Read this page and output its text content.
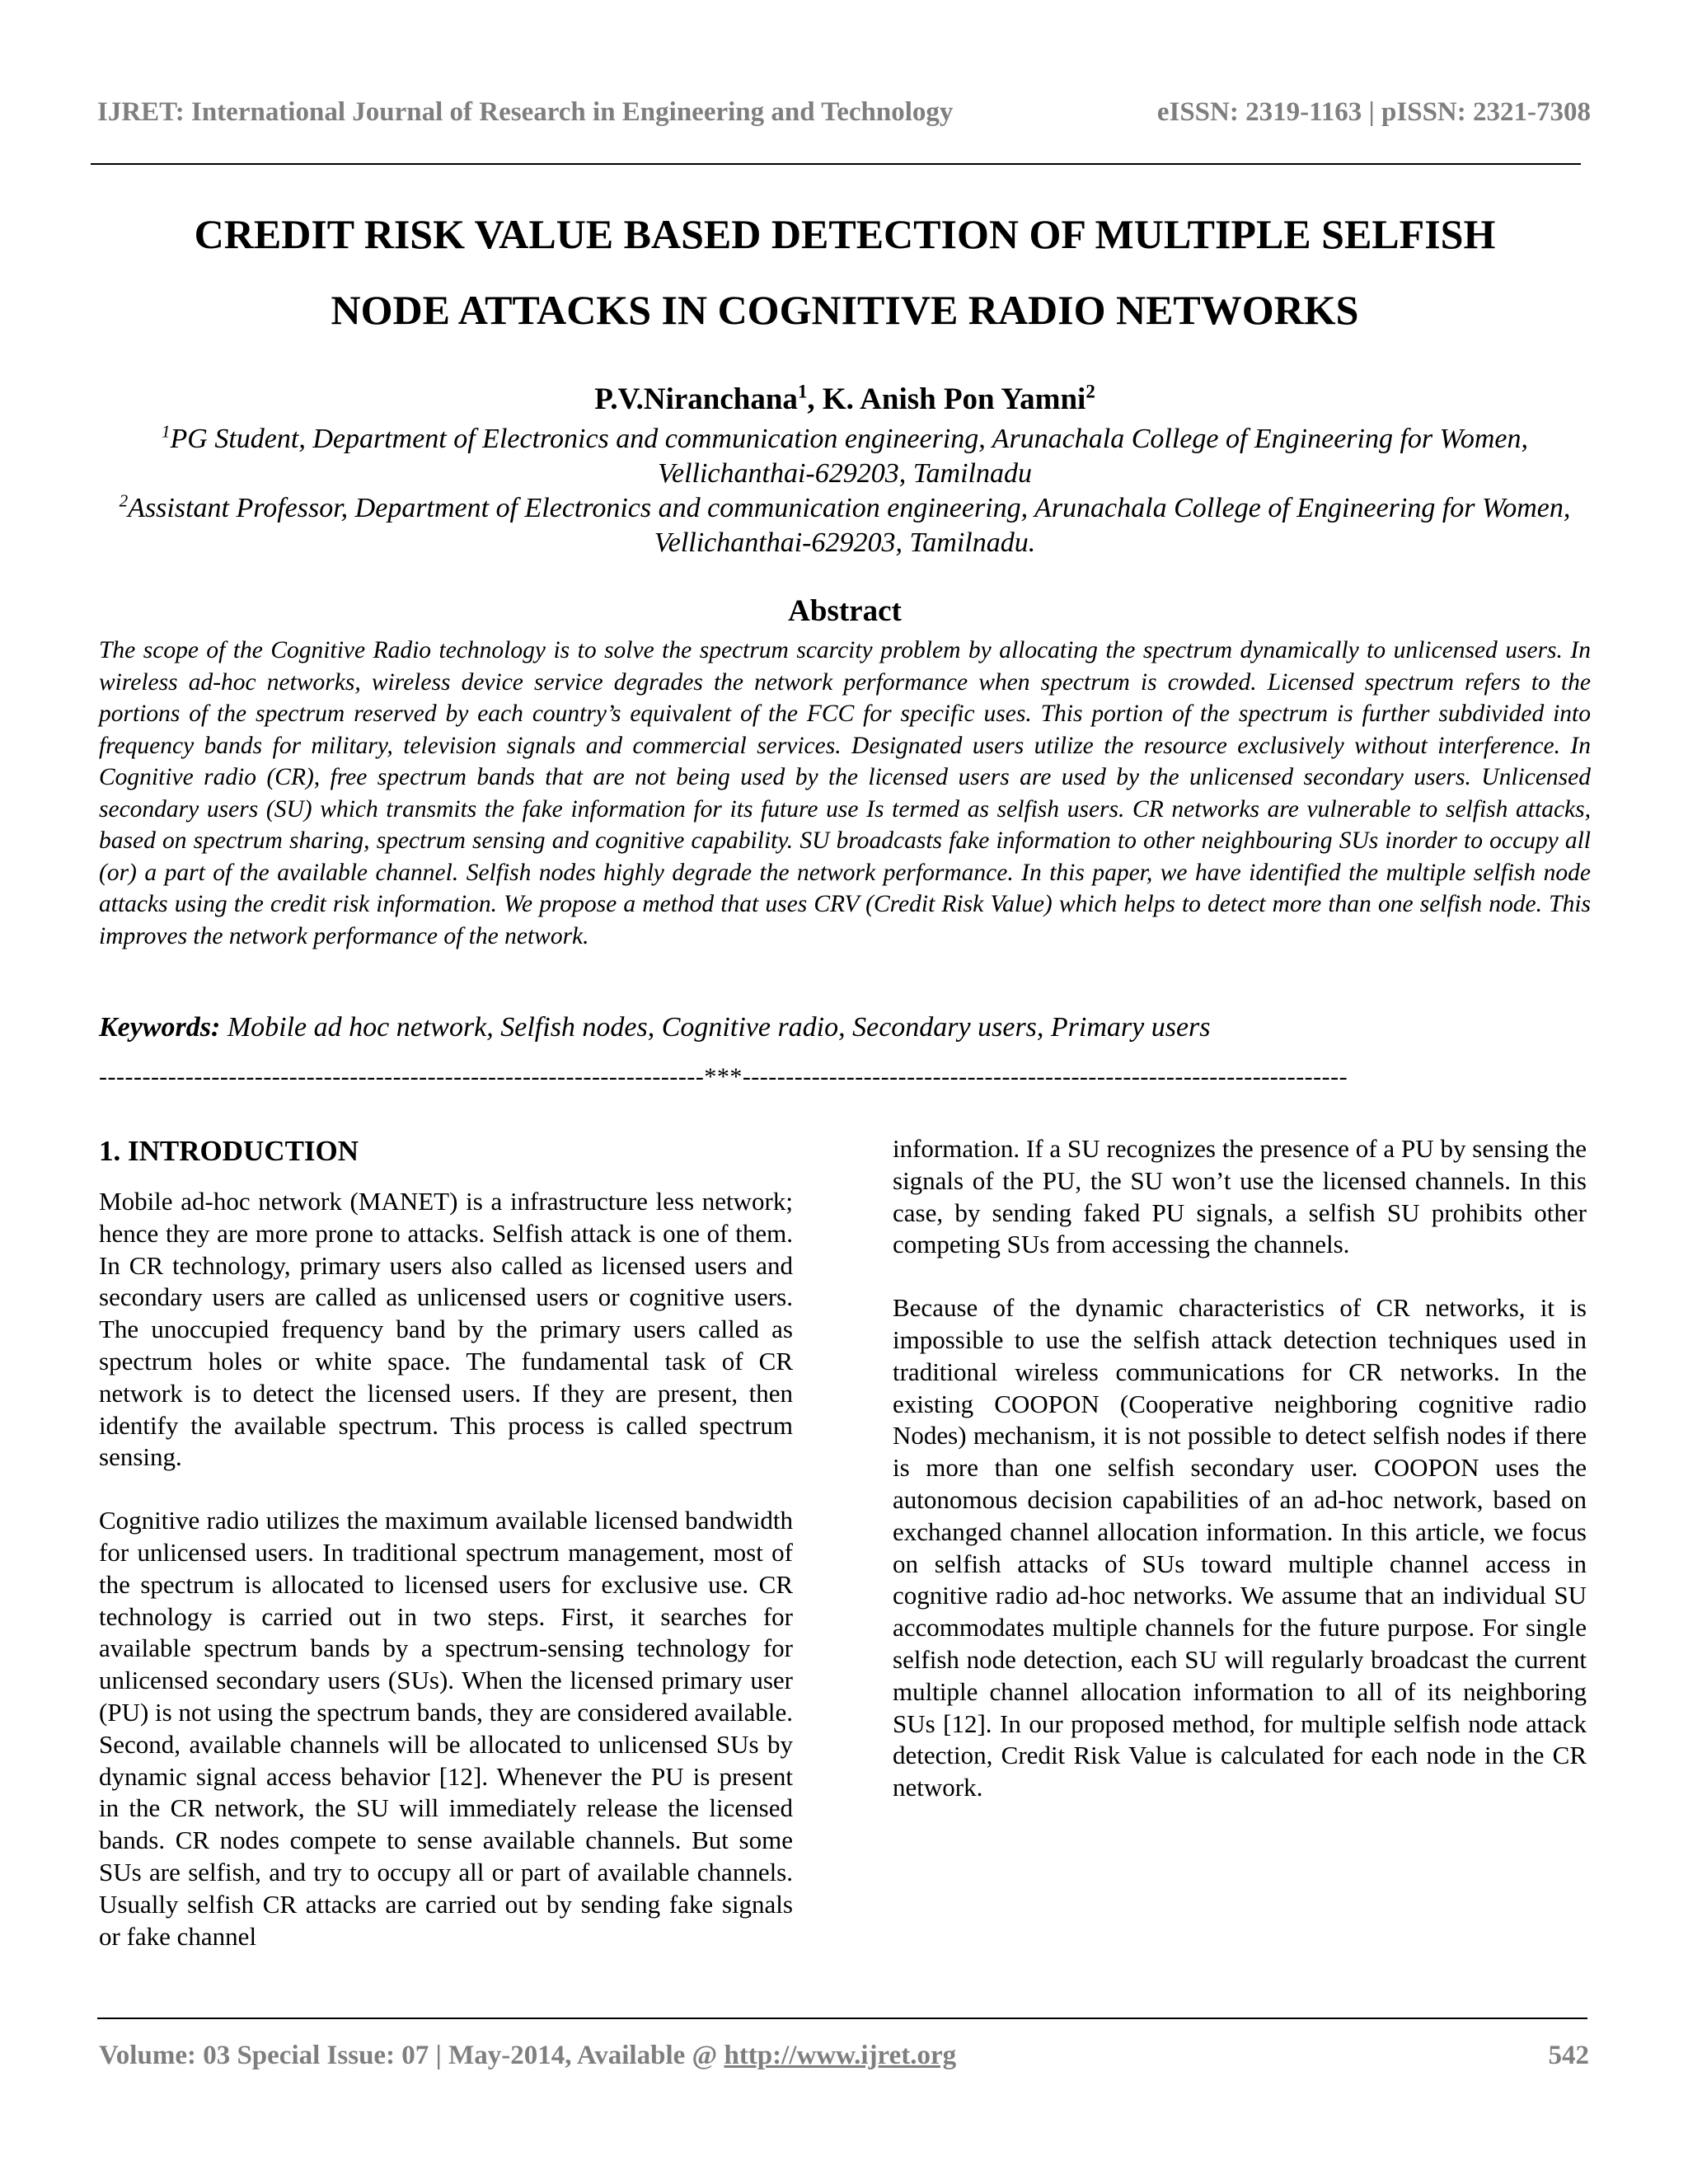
IJRET: International Journal of Research in Engineering and Technology	eISSN: 2319-1163 | pISSN: 2321-7308
CREDIT RISK VALUE BASED DETECTION OF MULTIPLE SELFISH
NODE ATTACKS IN COGNITIVE RADIO NETWORKS
P.V.Niranchana$^1$, K. Anish Pon Yamni$^2$
$^1$PG Student, Department of Electronics and communication engineering, Arunachala College of Engineering for Women, Vellichanthai-629203, Tamilnadu
$^2$Assistant Professor, Department of Electronics and communication engineering, Arunachala College of Engineering for Women, Vellichanthai-629203, Tamilnadu.
Abstract
The scope of the Cognitive Radio technology is to solve the spectrum scarcity problem by allocating the spectrum dynamically to unlicensed users. In wireless ad-hoc networks, wireless device service degrades the network performance when spectrum is crowded. Licensed spectrum refers to the portions of the spectrum reserved by each country’s equivalent of the FCC for specific uses. This portion of the spectrum is further subdivided into frequency bands for military, television signals and commercial services. Designated users utilize the resource exclusively without interference. In Cognitive radio (CR), free spectrum bands that are not being used by the licensed users are used by the unlicensed secondary users. Unlicensed secondary users (SU) which transmits the fake information for its future use Is termed as selfish users. CR networks are vulnerable to selfish attacks, based on spectrum sharing, spectrum sensing and cognitive capability. SU broadcasts fake information to other neighbouring SUs inorder to occupy all (or) a part of the available channel. Selfish nodes highly degrade the network performance. In this paper, we have identified the multiple selfish node attacks using the credit risk information. We propose a method that uses CRV (Credit Risk Value) which helps to detect more than one selfish node. This improves the network performance of the network.
Keywords: Mobile ad hoc network, Selfish nodes, Cognitive radio, Secondary users, Primary users
----------------------------------------------------------------------***----------------------------------------------------------------------
1. INTRODUCTION

Mobile ad-hoc network (MANET) is a infrastructure less network; hence they are more prone to attacks. Selfish attack is one of them. In CR technology, primary users also called as licensed users and secondary users are called as unlicensed users or cognitive users. The unoccupied frequency band by the primary users called as spectrum holes or white space. The fundamental task of CR network is to detect the licensed users. If they are present, then identify the available spectrum. This process is called spectrum sensing.

Cognitive radio utilizes the maximum available licensed bandwidth for unlicensed users. In traditional spectrum management, most of the spectrum is allocated to licensed users for exclusive use. CR technology is carried out in two steps. First, it searches for available spectrum bands by a spectrum-sensing technology for unlicensed secondary users (SUs). When the licensed primary user (PU) is not using the spectrum bands, they are considered available. Second, available channels will be allocated to unlicensed SUs by dynamic signal access behavior [12]. Whenever the PU is present in the CR network, the SU will immediately release the licensed bands. CR nodes compete to sense available channels. But some SUs are selfish, and try to occupy all or part of available channels. Usually selfish CR attacks are carried out by sending fake signals or fake channel

information. If a SU recognizes the presence of a PU by sensing the signals of the PU, the SU won’t use the licensed channels. In this case, by sending faked PU signals, a selfish SU prohibits other competing SUs from accessing the channels.

Because of the dynamic characteristics of CR networks, it is impossible to use the selfish attack detection techniques used in traditional wireless communications for CR networks. In the existing COOPON (Cooperative neighboring cognitive radio Nodes) mechanism, it is not possible to detect selfish nodes if there is more than one selfish secondary user. COOPON uses the autonomous decision capabilities of an ad-hoc network, based on exchanged channel allocation information. In this article, we focus on selfish attacks of SUs toward multiple channel access in cognitive radio ad-hoc networks. We assume that an individual SU accommodates multiple channels for the future purpose. For single selfish node detection, each SU will regularly broadcast the current multiple channel allocation information to all of its neighboring SUs [12]. In our proposed method, for multiple selfish node attack detection, Credit Risk Value is calculated for each node in the CR network.

Volume: 03 Special Issue: 07 | May-2014, Available @ http://www.ijret.org	542
